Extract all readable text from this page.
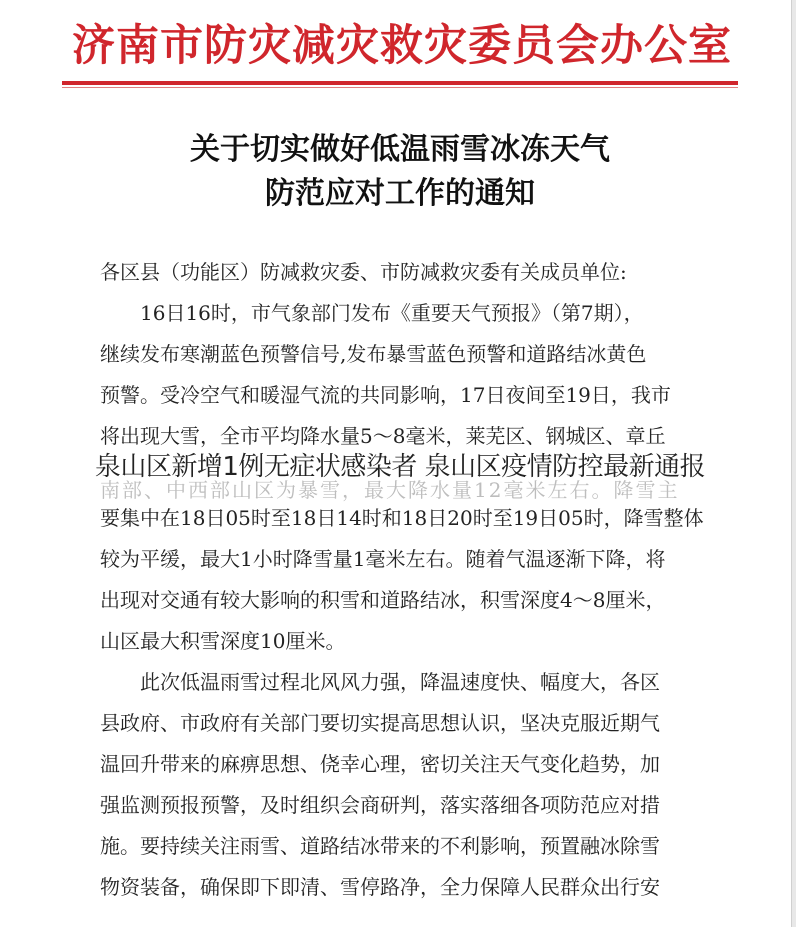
济南市防灾减灾救灾委员会办公室
关于切实做好低温雨雪冰冻天气
防范应对工作的通知

各区县（功能区）防减救灾委、市防减救灾委有关成员单位:

16日16时，市气象部门发布《重要天气预报》（第7期），
继续发布寒潮蓝色预警信号,发布暴雪蓝色预警和道路结冰黄色
预警。受冷空气和暖湿气流的共同影响，17日夜间至19日，我市
将出现大雪，全市平均降水量5～8毫米，莱芜区、钢城区、章丘
要集中在18日05时至18日14时和18日20时至19日05时，降雪整体
较为平缓，最大1小时降雪量1毫米左右。随着气温逐渐下降，将
出现对交通有较大影响的积雪和道路结冰，积雪深度4～8厘米，
山区最大积雪深度10厘米。
此次低温雨雪过程北风风力强，降温速度快、幅度大，各区
县政府、市政府有关部门要切实提高思想认识，坚决克服近期气
温回升带来的麻痹思想、侥幸心理，密切关注天气变化趋势，加
强监测预报预警，及时组织会商研判，落实落细各项防范应对措
施。要持续关注雨雪、道路结冰带来的不利影响，预置融冰除雪
物资装备，确保即下即清、雪停路净，全力保障人民群众出行安
南部、中西部山区为暴雪，最大降水量12毫米左右。降雪主
泉山区新增1例无症状感染者 泉山区疫情防控最新通报
